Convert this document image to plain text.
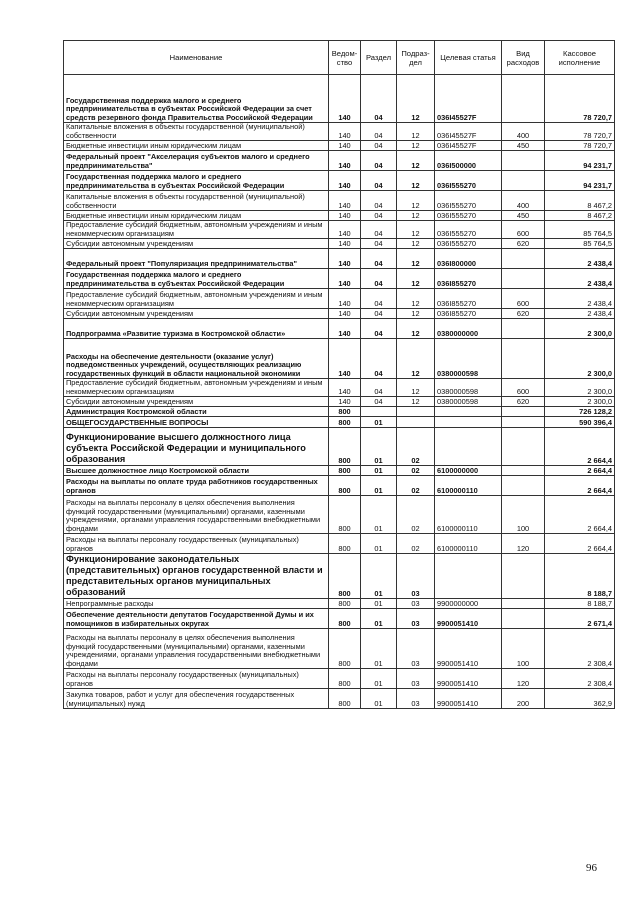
Наименование	Ведом-ство	Раздел	Подраз-дел	Целевая статья	Вид расходов	Кассовое исполнение
Государственная поддержка малого и среднего предпринимательства в субъектах Российской Федерации за счет средств резервного фонда Правительства Российской Федерации	140	04	12	036I45527F		78 720,7
Капитальные вложения в объекты государственной (муниципальной) собственности	140	04	12	036I45527F	400	78 720,7
Бюджетные инвестиции иным юридическим лицам	140	04	12	036I45527F	450	78 720,7
Федеральный проект "Акселерация субъектов малого и среднего предпринимательства"	140	04	12	036I500000		94 231,7
Государственная поддержка малого и среднего предпринимательства в субъектах Российской Федерации	140	04	12	036I555270		94 231,7
Капитальные вложения в объекты государственной (муниципальной) собственности	140	04	12	036I555270	400	8 467,2
Бюджетные инвестиции иным юридическим лицам	140	04	12	036I555270	450	8 467,2
Предоставление субсидий бюджетным, автономным учреждениям и иным некоммерческим организациям	140	04	12	036I555270	600	85 764,5
Субсидии автономным учреждениям	140	04	12	036I555270	620	85 764,5
Федеральный проект "Популяризация предпринимательства"	140	04	12	036I800000		2 438,4
Государственная поддержка малого и среднего предпринимательства в субъектах Российской Федерации	140	04	12	036I855270		2 438,4
Предоставление субсидий бюджетным, автономным учреждениям и иным некоммерческим организациям	140	04	12	036I855270	600	2 438,4
Субсидии автономным учреждениям	140	04	12	036I855270	620	2 438,4
Подпрограмма «Развитие туризма в Костромской области»	140	04	12	0380000000		2 300,0
Расходы на обеспечение деятельности (оказание услуг) подведомственных учреждений, осуществляющих реализацию государственных функций в области национальной экономики	140	04	12	0380000598		2 300,0
Предоставление субсидий бюджетным, автономным учреждениям и иным некоммерческим организациям	140	04	12	0380000598	600	2 300,0
Субсидии автономным учреждениям	140	04	12	0380000598	620	2 300,0
Администрация Костромской области	800					726 128,2
ОБЩЕГОСУДАРСТВЕННЫЕ ВОПРОСЫ	800	01				590 396,4
Функционирование высшего должностного лица субъекта Российской Федерации и муниципального образования	800	01	02			2 664,4
Высшее должностное лицо Костромской области	800	01	02	6100000000		2 664,4
Расходы на выплаты по оплате труда работников государственных органов	800	01	02	6100000110		2 664,4
Расходы на выплаты персоналу в целях обеспечения выполнения функций государственными (муниципальными) органами, казенными учреждениями, органами управления государственными внебюджетными фондами	800	01	02	6100000110	100	2 664,4
Расходы на выплаты персоналу государственных (муниципальных) органов	800	01	02	6100000110	120	2 664,4
Функционирование законодательных (представительных) органов государственной власти и представительных органов муниципальных образований	800	01	03			8 188,7
Непрограммные расходы	800	01	03	9900000000		8 188,7
Обеспечение деятельности депутатов Государственной Думы и их помощников в избирательных округах	800	01	03	9900051410		2 671,4
Расходы на выплаты персоналу в целях обеспечения выполнения функций государственными (муниципальными) органами, казенными учреждениями, органами управления государственными внебюджетными фондами	800	01	03	9900051410	100	2 308,4
Расходы на выплаты персоналу государственных (муниципальных) органов	800	01	03	9900051410	120	2 308,4
Закупка товаров, работ и услуг для обеспечения государственных (муниципальных) нужд	800	01	03	9900051410	200	362,9
96
